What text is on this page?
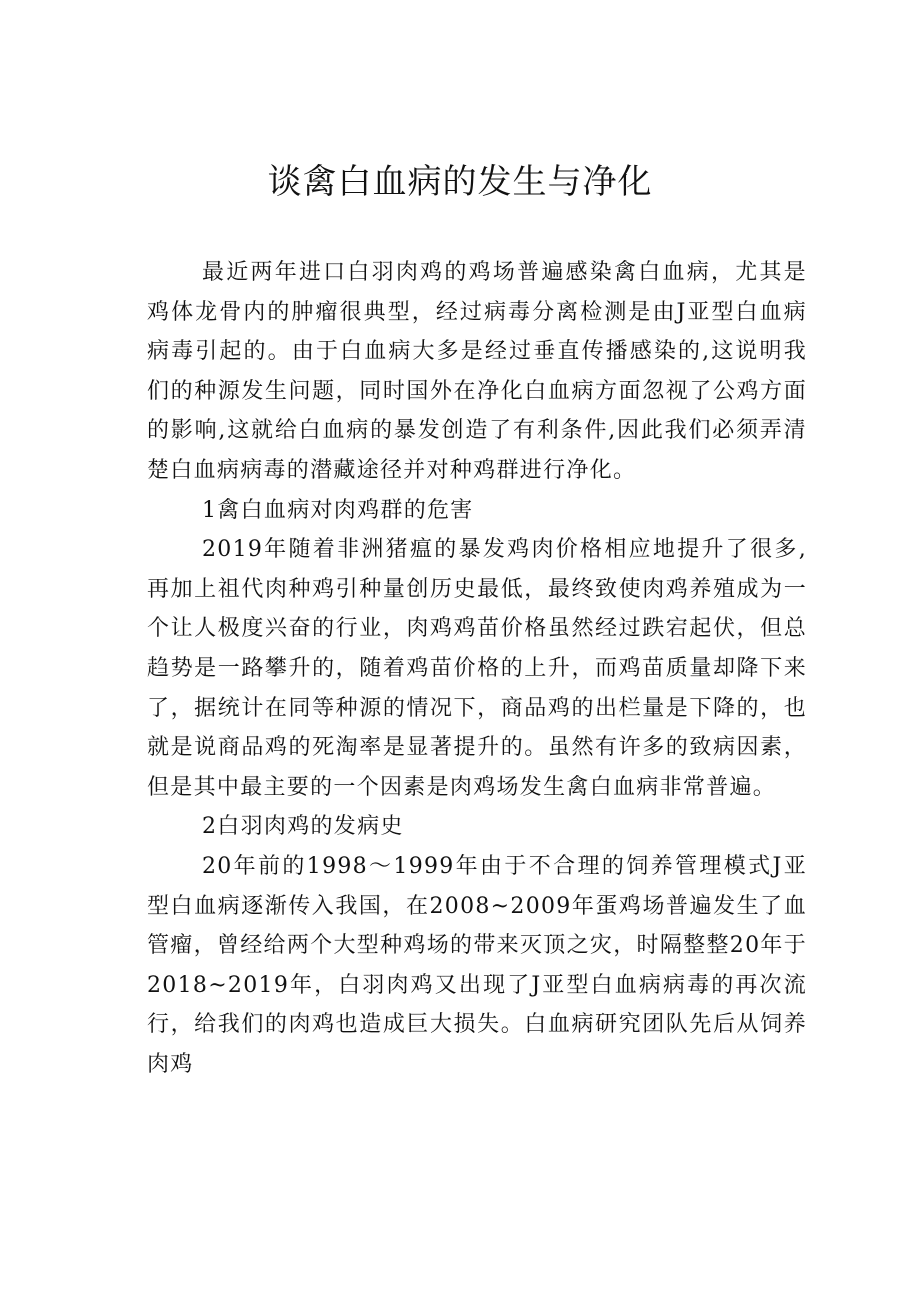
谈禽白血病的发生与净化

最近两年进口白羽肉鸡的鸡场普遍感染禽白血病，尤其是鸡体龙骨内的肿瘤很典型，经过病毒分离检测是由J亚型白血病病毒引起的。由于白血病大多是经过垂直传播感染的,这说明我们的种源发生问题，同时国外在净化白血病方面忽视了公鸡方面的影响,这就给白血病的暴发创造了有利条件,因此我们必须弄清楚白血病病毒的潜藏途径并对种鸡群进行净化。

1禽白血病对肉鸡群的危害

2019年随着非洲猪瘟的暴发鸡肉价格相应地提升了很多,再加上祖代肉种鸡引种量创历史最低，最终致使肉鸡养殖成为一个让人极度兴奋的行业，肉鸡鸡苗价格虽然经过跌宕起伏，但总趋势是一路攀升的，随着鸡苗价格的上升，而鸡苗质量却降下来了，据统计在同等种源的情况下，商品鸡的出栏量是下降的，也就是说商品鸡的死淘率是显著提升的。虽然有许多的致病因素，但是其中最主要的一个因素是肉鸡场发生禽白血病非常普遍。

2白羽肉鸡的发病史

20年前的1998～1999年由于不合理的饲养管理模式J亚型白血病逐渐传入我国，在2008~2009年蛋鸡场普遍发生了血管瘤，曾经给两个大型种鸡场的带来灭顶之灾，时隔整整20年于2018~2019年，白羽肉鸡又出现了J亚型白血病病毒的再次流行，给我们的肉鸡也造成巨大损失。白血病研究团队先后从饲养肉鸡
